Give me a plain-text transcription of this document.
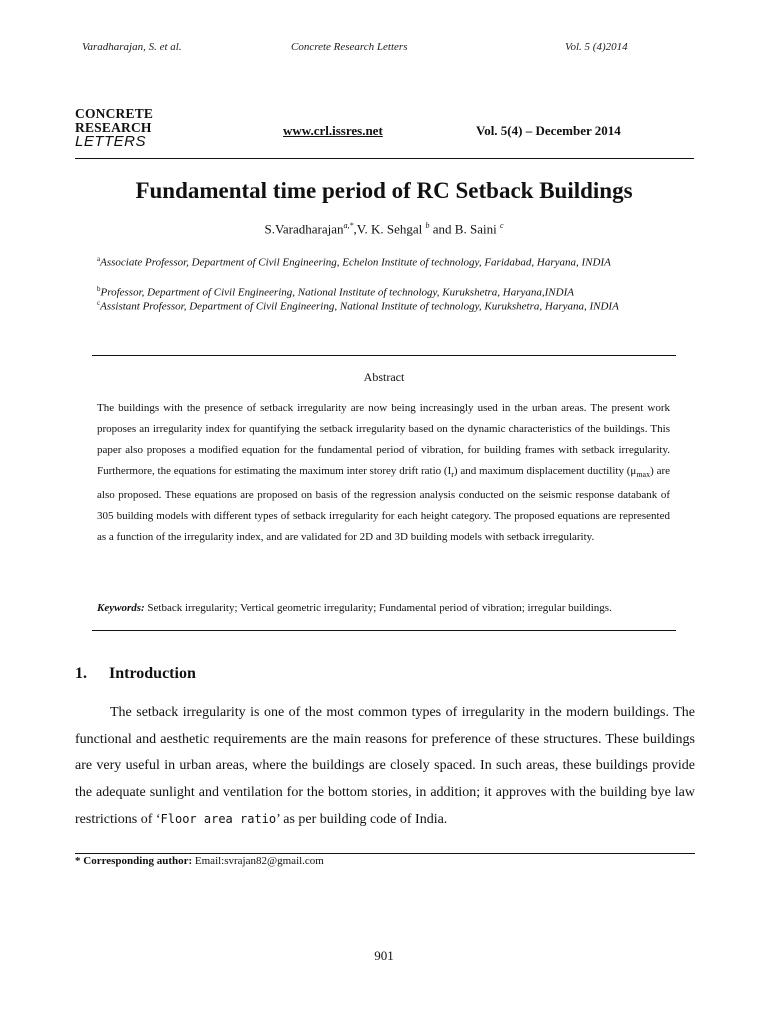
Varadharajan, S. et al.	Concrete Research Letters	Vol. 5 (4)2014
CONCRETE
RESEARCH
LETTERS
www.crl.issres.net	Vol. 5(4) – December 2014
Fundamental time period of RC Setback Buildings
S.Varadharajan$^{a,*}$,V. K. Sehgal $^b$ and B. Saini $^c$
$^a$Associate Professor, Department of Civil Engineering, Echelon Institute of technology, Faridabad, Haryana, INDIA
$^b$Professor, Department of Civil Engineering, National Institute of technology, Kurukshetra, Haryana,INDIA
$^c$Assistant Professor, Department of Civil Engineering, National Institute of technology, Kurukshetra, Haryana, INDIA
Abstract
The buildings with the presence of setback irregularity are now being increasingly used in the urban areas. The present work proposes an irregularity index for quantifying the setback irregularity based on the dynamic characteristics of the buildings. This paper also proposes a modified equation for the fundamental period of vibration, for building frames with setback irregularity. Furthermore, the equations for estimating the maximum inter storey drift ratio $(I_r)$ and maximum displacement ductility $(\mu_{max})$ are also proposed. These equations are proposed on basis of the regression analysis conducted on the seismic response databank of 305 building models with different types of setback irregularity for each height category. The proposed equations are represented as a function of the irregularity index, and are validated for 2D and 3D building models with setback irregularity.
Keywords: Setback irregularity; Vertical geometric irregularity; Fundamental period of vibration; irregular buildings.
1. Introduction
The setback irregularity is one of the most common types of irregularity in the modern buildings. The functional and aesthetic requirements are the main reasons for preference of these structures. These buildings are very useful in urban areas, where the buildings are closely spaced. In such areas, these buildings provide the adequate sunlight and ventilation for the bottom stories, in addition; it approves with the building bye law restrictions of ‘Floor area ratio’ as per building code of India.
* Corresponding author: Email:svrajan82@gmail.com
901
